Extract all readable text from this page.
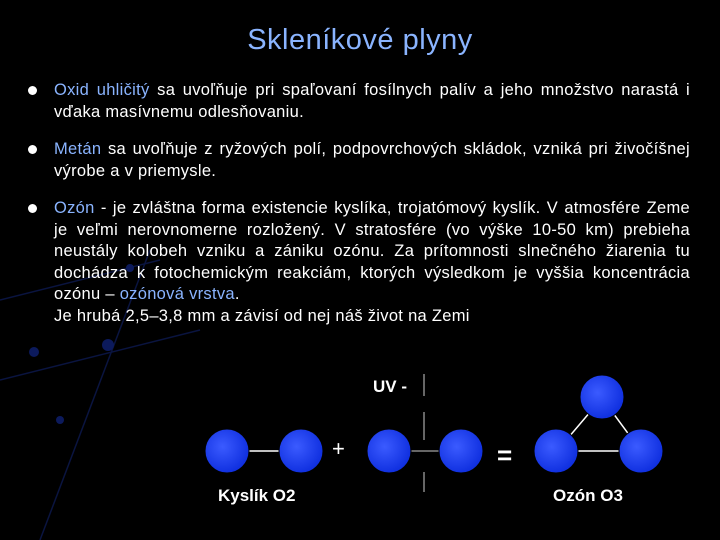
Skleníkové plyny
Oxid uhličitý sa uvoľňuje pri spaľovaní fosílnych palív a jeho množstvo narastá i vďaka masívnemu odlesňovaniu.
Metán sa uvoľňuje z ryžových polí, podpovrchových skládok, vzniká pri živočíšnej výrobe a v priemysle.
Ozón - je zvláštna forma existencie kyslíka, trojatómový kyslík. V atmosfére Zeme je veľmi nerovnomerne rozložený. V stratosfére (vo výške 10-50 km) prebieha neustály kolobeh vzniku a zániku ozónu. Za prítomnosti slnečného žiarenia tu dochádza k fotochemickým reakciám, ktorých výsledkom je vyššia koncentrácia ozónu – ozónová vrstva.
Je hrubá 2,5–3,8 mm a závisí od nej náš život na Zemi
UV -
+	=
Kyslík O2	Ozón O3
